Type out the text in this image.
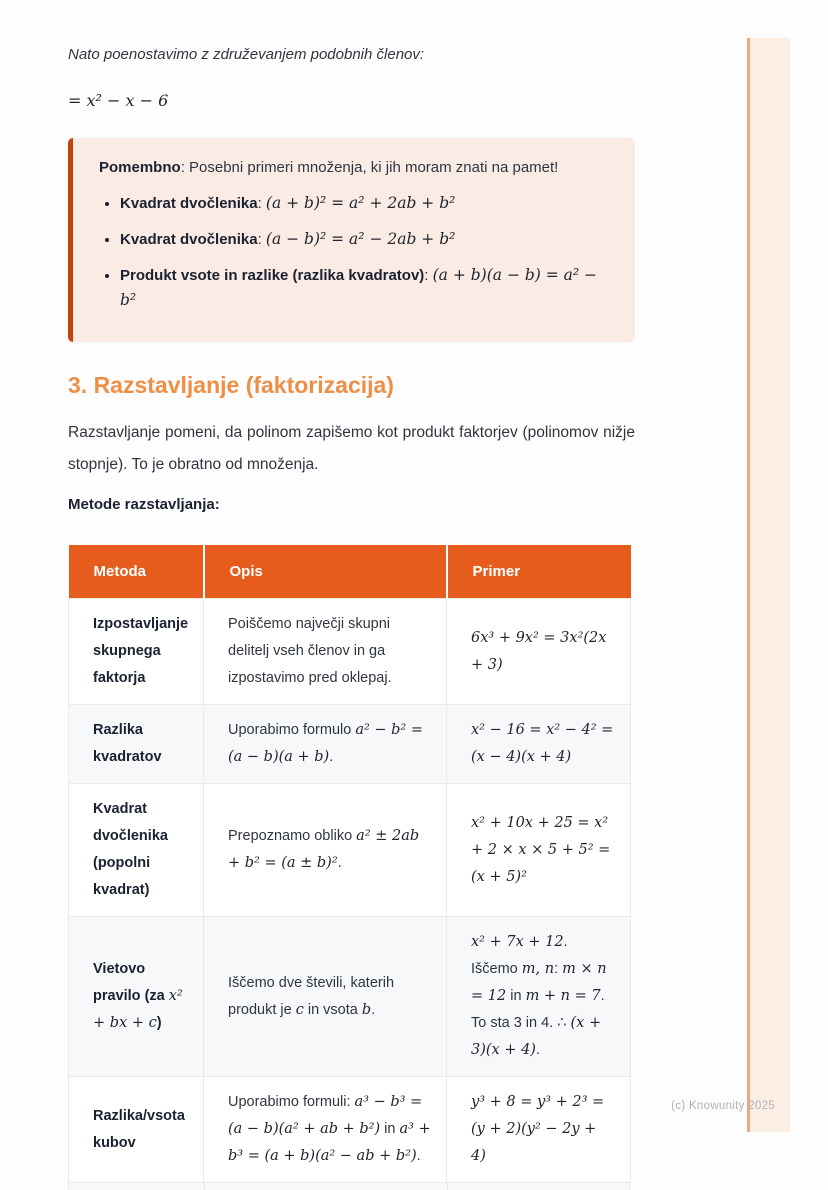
Nato poenostavimo z združevanjem podobnih členov:

= x² − x − 6

Pomembno: Posebni primeri množenja, ki jih moram znati na pamet!

• Kvadrat dvočlenika: (a + b)² = a² + 2ab + b²
• Kvadrat dvočlenika: (a − b)² = a² − 2ab + b²
• Produkt vsote in razlike (razlika kvadratov): (a + b)(a − b) = a² − b²
3. Razstavljanje (faktorizacija)

Razstavljanje pomeni, da polinom zapišemo kot produkt faktorjev (polinomov nižje stopnje). To je obratno od množenja.

Metode razstavljanja:

Metoda	Opis	Primer
Izpostavljanje skupnega faktorja	Poiščemo največji skupni delitelj vseh členov in ga izpostavimo pred oklepaj.	6x³ + 9x² = 3x²(2x + 3)
Razlika kvadratov	Uporabimo formulo a² − b² = (a − b)(a + b).	x² − 16 = x² − 4² = (x − 4)(x + 4)
Kvadrat dvočlenika (popolni kvadrat)	Prepoznamo obliko a² ± 2ab + b² = (a ± b)².	x² + 10x + 25 = x² + 2 × x × 5 + 5² = (x + 5)²
Vietovo pravilo (za x² + bx + c)	Iščemo dve števili, katerih produkt je c in vsota b.	x² + 7x + 12. Iščemo m, n: m × n = 12 in m + n = 7. To sta 3 in 4. ∴ (x + 3)(x + 4).
Razlika/vsota kubov	Uporabimo formuli: a³ − b³ = (a − b)(a² + ab + b²) in a³ + b³ = (a + b)(a² − ab + b²).	y³ + 8 = y³ + 2³ = (y + 2)(y² − 2y + 4)
(c) Knowunity 2025
